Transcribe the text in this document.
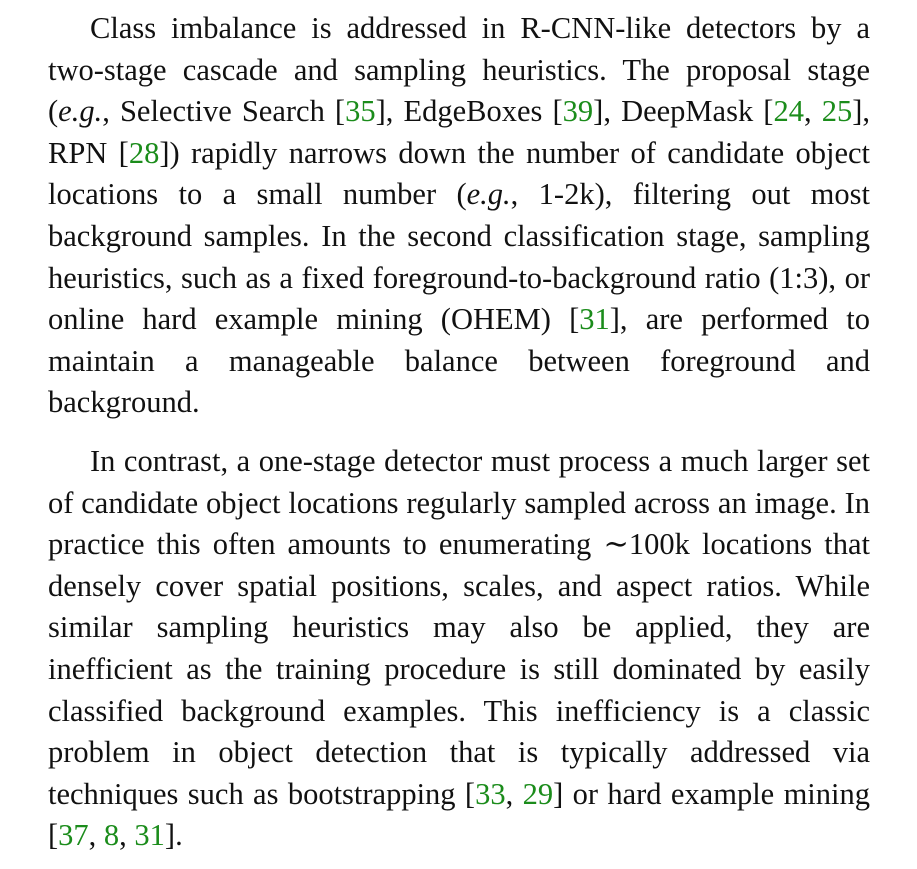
Class imbalance is addressed in R-CNN-like detectors by a two-stage cascade and sampling heuristics. The proposal stage (e.g., Selective Search [35], EdgeBoxes [39], DeepMask [24, 25], RPN [28]) rapidly narrows down the number of candidate object locations to a small number (e.g., 1-2k), filtering out most background samples. In the second classification stage, sampling heuristics, such as a fixed foreground-to-background ratio (1:3), or online hard example mining (OHEM) [31], are performed to maintain a manageable balance between foreground and background.

In contrast, a one-stage detector must process a much larger set of candidate object locations regularly sampled across an image. In practice this often amounts to enumerating ∼100k locations that densely cover spatial positions, scales, and aspect ratios. While similar sampling heuristics may also be applied, they are inefficient as the training procedure is still dominated by easily classified background examples. This inefficiency is a classic problem in object detection that is typically addressed via techniques such as bootstrapping [33, 29] or hard example mining [37, 8, 31].
